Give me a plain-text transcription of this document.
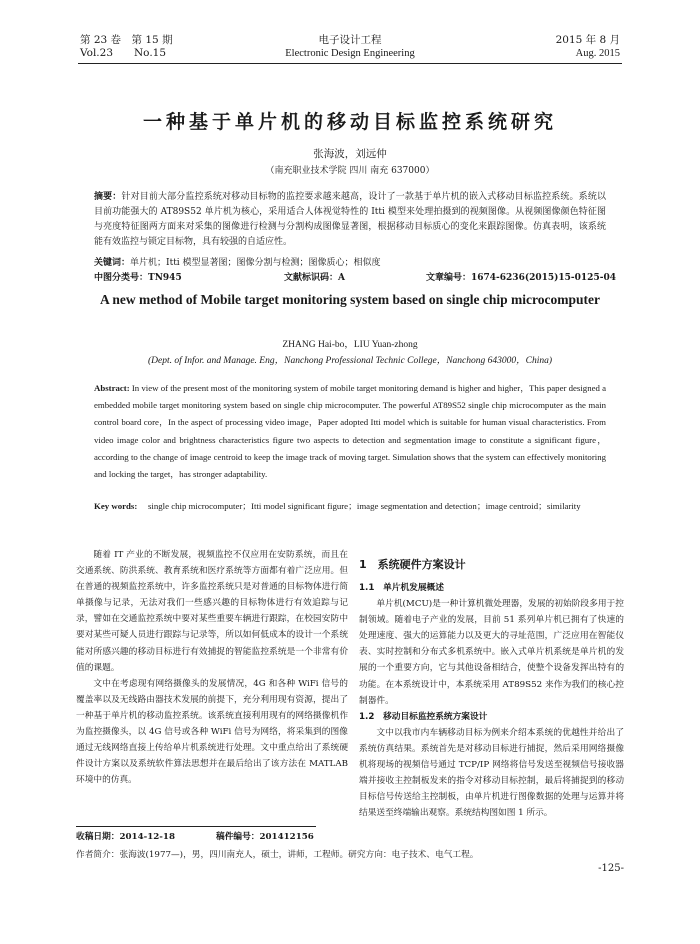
第 23 卷　第 15 期
Vol.23　　No.15
电子设计工程
Electronic Design Engineering
2015 年 8 月
Aug. 2015
一种基于单片机的移动目标监控系统研究
张海波，刘远仲
（南充职业技术学院 四川 南充 637000）
摘要：针对目前大部分监控系统对移动目标物的监控要求越来越高，设计了一款基于单片机的嵌入式移动目标监控系统。系统以目前功能强大的 AT89S52 单片机为核心，采用适合人体视觉特性的 Itti 模型来处理拍摄到的视频图像。从视频图像颜色特征图与亮度特征图两方面来对采集的图像进行检测与分割构成图像显著图，根据移动目标质心的变化来跟踪图像。仿真表明，该系统能有效监控与锁定目标物，具有较强的自适应性。
关键词：单片机；Itti 模型显著图；图像分割与检测；图像质心；相似度
中图分类号：TN945	文献标识码：A	文章编号：1674-6236(2015)15-0125-04
A new method of Mobile target monitoring system based on single chip microcomputer
ZHANG Hai-bo，LIU Yuan-zhong
(Dept. of Infor. and Manage. Eng，Nanchong Professional Technic College，Nanchong 643000，China)
Abstract: In view of the present most of the monitoring system of mobile target monitoring demand is higher and higher，This paper designed a embedded mobile target monitoring system based on single chip microcomputer. The powerful AT89S52 single chip microcomputer as the main control board core，In the aspect of processing video image，Paper adopted Itti model which is suitable for human visual characteristics. From video image color and brightness characteristics figure two aspects to detection and segmentation image to constitute a significant figure，according to the change of image centroid to keep the image track of moving target. Simulation shows that the system can effectively monitoring and locking the target，has stronger adaptability.
Key words:	single chip microcomputer；Itti model significant figure；image segmentation and detection；image centroid；similarity

随着 IT 产业的不断发展，视频监控不仅应用在安防系统，而且在交通系统、防洪系统、教育系统和医疗系统等方面都有着广泛应用。但在普通的视频监控系统中，许多监控系统只是对普通的目标物体进行简单摄像与记录，无法对我们一些感兴趣的目标物体进行有效追踪与记录，譬如在交通监控系统中要对某些重要车辆进行跟踪，在校园安防中要对某些可疑人员进行跟踪与记录等，所以如何低成本的设计一个系统能对所感兴趣的移动目标进行有效捕捉的智能监控系统是一个非常有价值的课题。

文中在考虑现有网络摄像头的发展情况，4G 和各种 WiFi 信号的覆盖率以及无线路由器技术发展的前提下，充分利用现有资源，提出了一种基于单片机的移动监控系统。该系统直接利用现有的网络摄像机作为监控摄像头，以 4G 信号或各种 WiFi 信号为网络，将采集到的图像通过无线网络直接上传给单片机系统进行处理。文中重点给出了系统硬件设计方案以及系统软件算法思想并在最后给出了该方法在 MATLAB 环境中的仿真。

1　系统硬件方案设计
1.1　单片机发展概述

单片机(MCU)是一种计算机微处理器，发展的初始阶段多用于控制领域。随着电子产业的发展，目前 51 系列单片机已拥有了快速的处理速度、强大的运算能力以及更大的寻址范围，广泛应用在智能仪表、实时控制和分布式多机系统中。嵌入式单片机系统是单片机的发展的一个重要方向，它与其他设备相结合，使整个设备发挥出特有的功能。在本系统设计中，本系统采用 AT89S52 来作为我们的核心控制器件。

1.2　移动目标监控系统方案设计

文中以我市内车辆移动目标为例来介绍本系统的优越性并给出了系统仿真结果。系统首先是对移动目标进行捕捉，然后采用网络摄像机将现场的视频信号通过 TCP/IP 网络将信号发送至视频信号接收器端并接收主控制板发来的指令对移动目标控制，最后将捕捉到的移动目标信号传送给主控制板，由单片机进行图像数据的处理与运算并将结果送至终端输出观察。系统结构图如图 1 所示。

收稿日期：2014-12-18	稿件编号：201412156
作者简介：张海波(1977—)，男，四川南充人，硕士，讲师，工程师。研究方向：电子技术、电气工程。
-125-
